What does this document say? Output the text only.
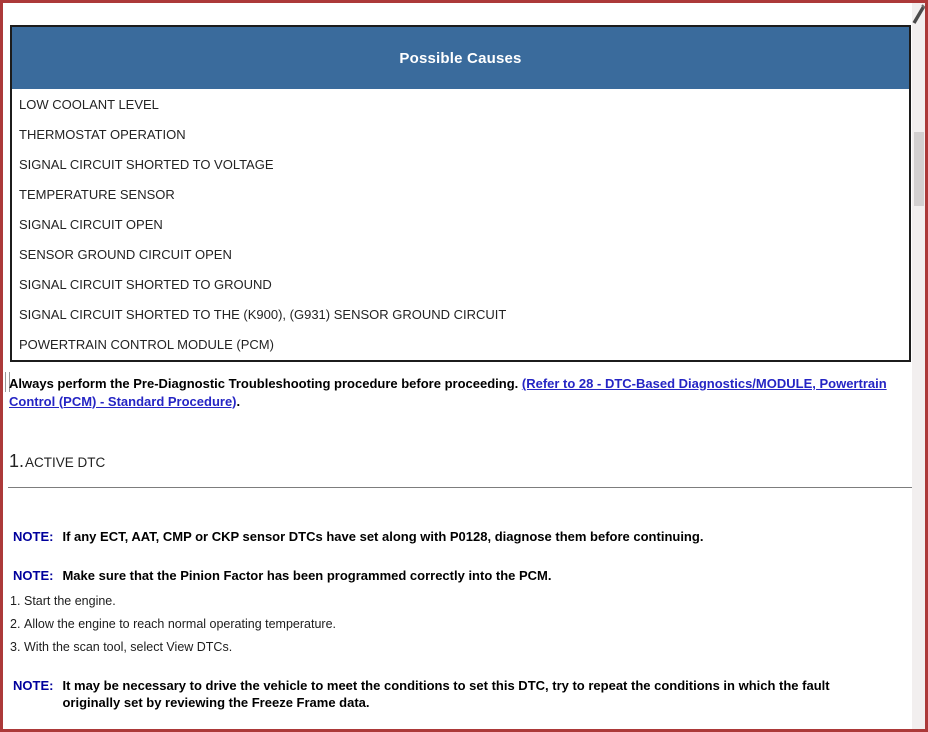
Possible Causes
LOW COOLANT LEVEL
THERMOSTAT OPERATION
SIGNAL CIRCUIT SHORTED TO VOLTAGE
TEMPERATURE SENSOR
SIGNAL CIRCUIT OPEN
SENSOR GROUND CIRCUIT OPEN
SIGNAL CIRCUIT SHORTED TO GROUND
SIGNAL CIRCUIT SHORTED TO THE (K900), (G931) SENSOR GROUND CIRCUIT
POWERTRAIN CONTROL MODULE (PCM)

Always perform the Pre-Diagnostic Troubleshooting procedure before proceeding. (Refer to 28 - DTC-Based Diagnostics/MODULE, Powertrain
Control (PCM) - Standard Procedure).

1.ACTIVE DTC
NOTE: If any ECT, AAT, CMP or CKP sensor DTCs have set along with P0128, diagnose them before continuing.
NOTE: Make sure that the Pinion Factor has been programmed correctly into the PCM.
1. Start the engine.
2. Allow the engine to reach normal operating temperature.
3. With the scan tool, select View DTCs.
NOTE: It may be necessary to drive the vehicle to meet the conditions to set this DTC, try to repeat the conditions in which the fault
originally set by reviewing the Freeze Frame data.
